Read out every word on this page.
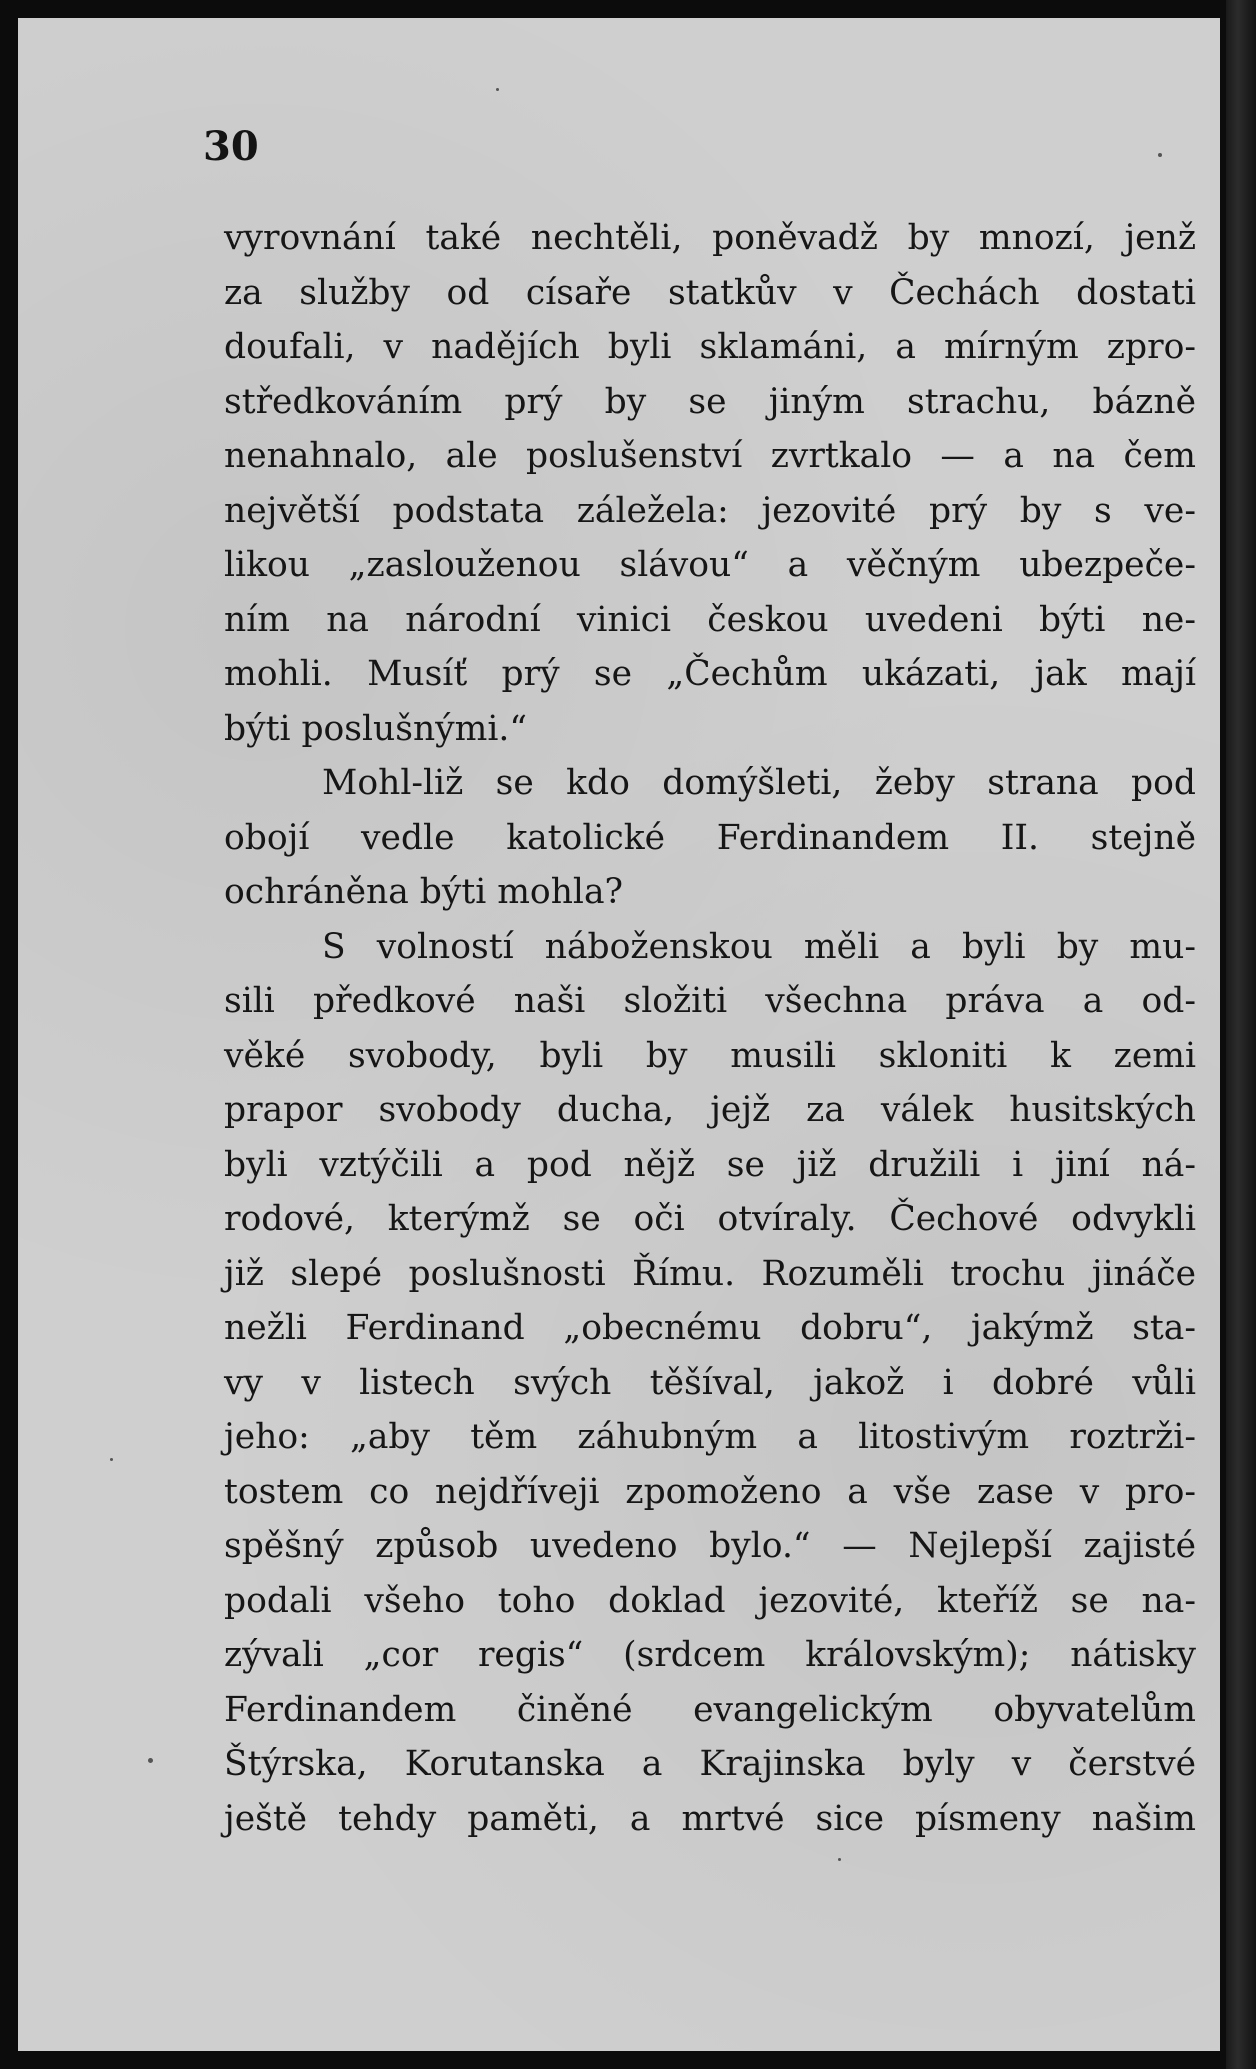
30
vyrovnání také nechtěli, poněvadž by mnozí, jenž
za služby od císaře statkův v Čechách dostati
doufali, v nadějích byli sklamáni, a mírným zpro-
středkováním prý by se jiným strachu, bázně
nenahnalo, ale poslušenství zvrtkalo — a na čem
největší podstata záležela: jezovité prý by s ve-
likou „zaslouženou slávou“ a věčným ubezpeče-
ním na národní vinici českou uvedeni býti ne-
mohli. Musíť prý se „Čechům ukázati, jak mají
býti poslušnými.“
Mohl-liž se kdo domýšleti, žeby strana pod
obojí vedle katolické Ferdinandem II. stejně
ochráněna býti mohla?
S volností náboženskou měli a byli by mu-
sili předkové naši složiti všechna práva a od-
věké svobody, byli by musili skloniti k zemi
prapor svobody ducha, jejž za válek husitských
byli vztýčili a pod nějž se již družili i jiní ná-
rodové, kterýmž se oči otvíraly. Čechové odvykli
již slepé poslušnosti Římu. Rozuměli trochu jináče
nežli Ferdinand „obecnému dobru“, jakýmž sta-
vy v listech svých těšíval, jakož i dobré vůli
jeho: „aby těm záhubným a litostivým roztrži-
tostem co nejdříveji zpomoženo a vše zase v pro-
spěšný způsob uvedeno bylo.“ — Nejlepší zajisté
podali všeho toho doklad jezovité, kteříž se na-
zývali „cor regis“ (srdcem královským); nátisky
Ferdinandem činěné evangelickým obyvatelům
Štýrska, Korutanska a Krajinska byly v čerstvé
ještě tehdy paměti, a mrtvé sice písmeny našim
